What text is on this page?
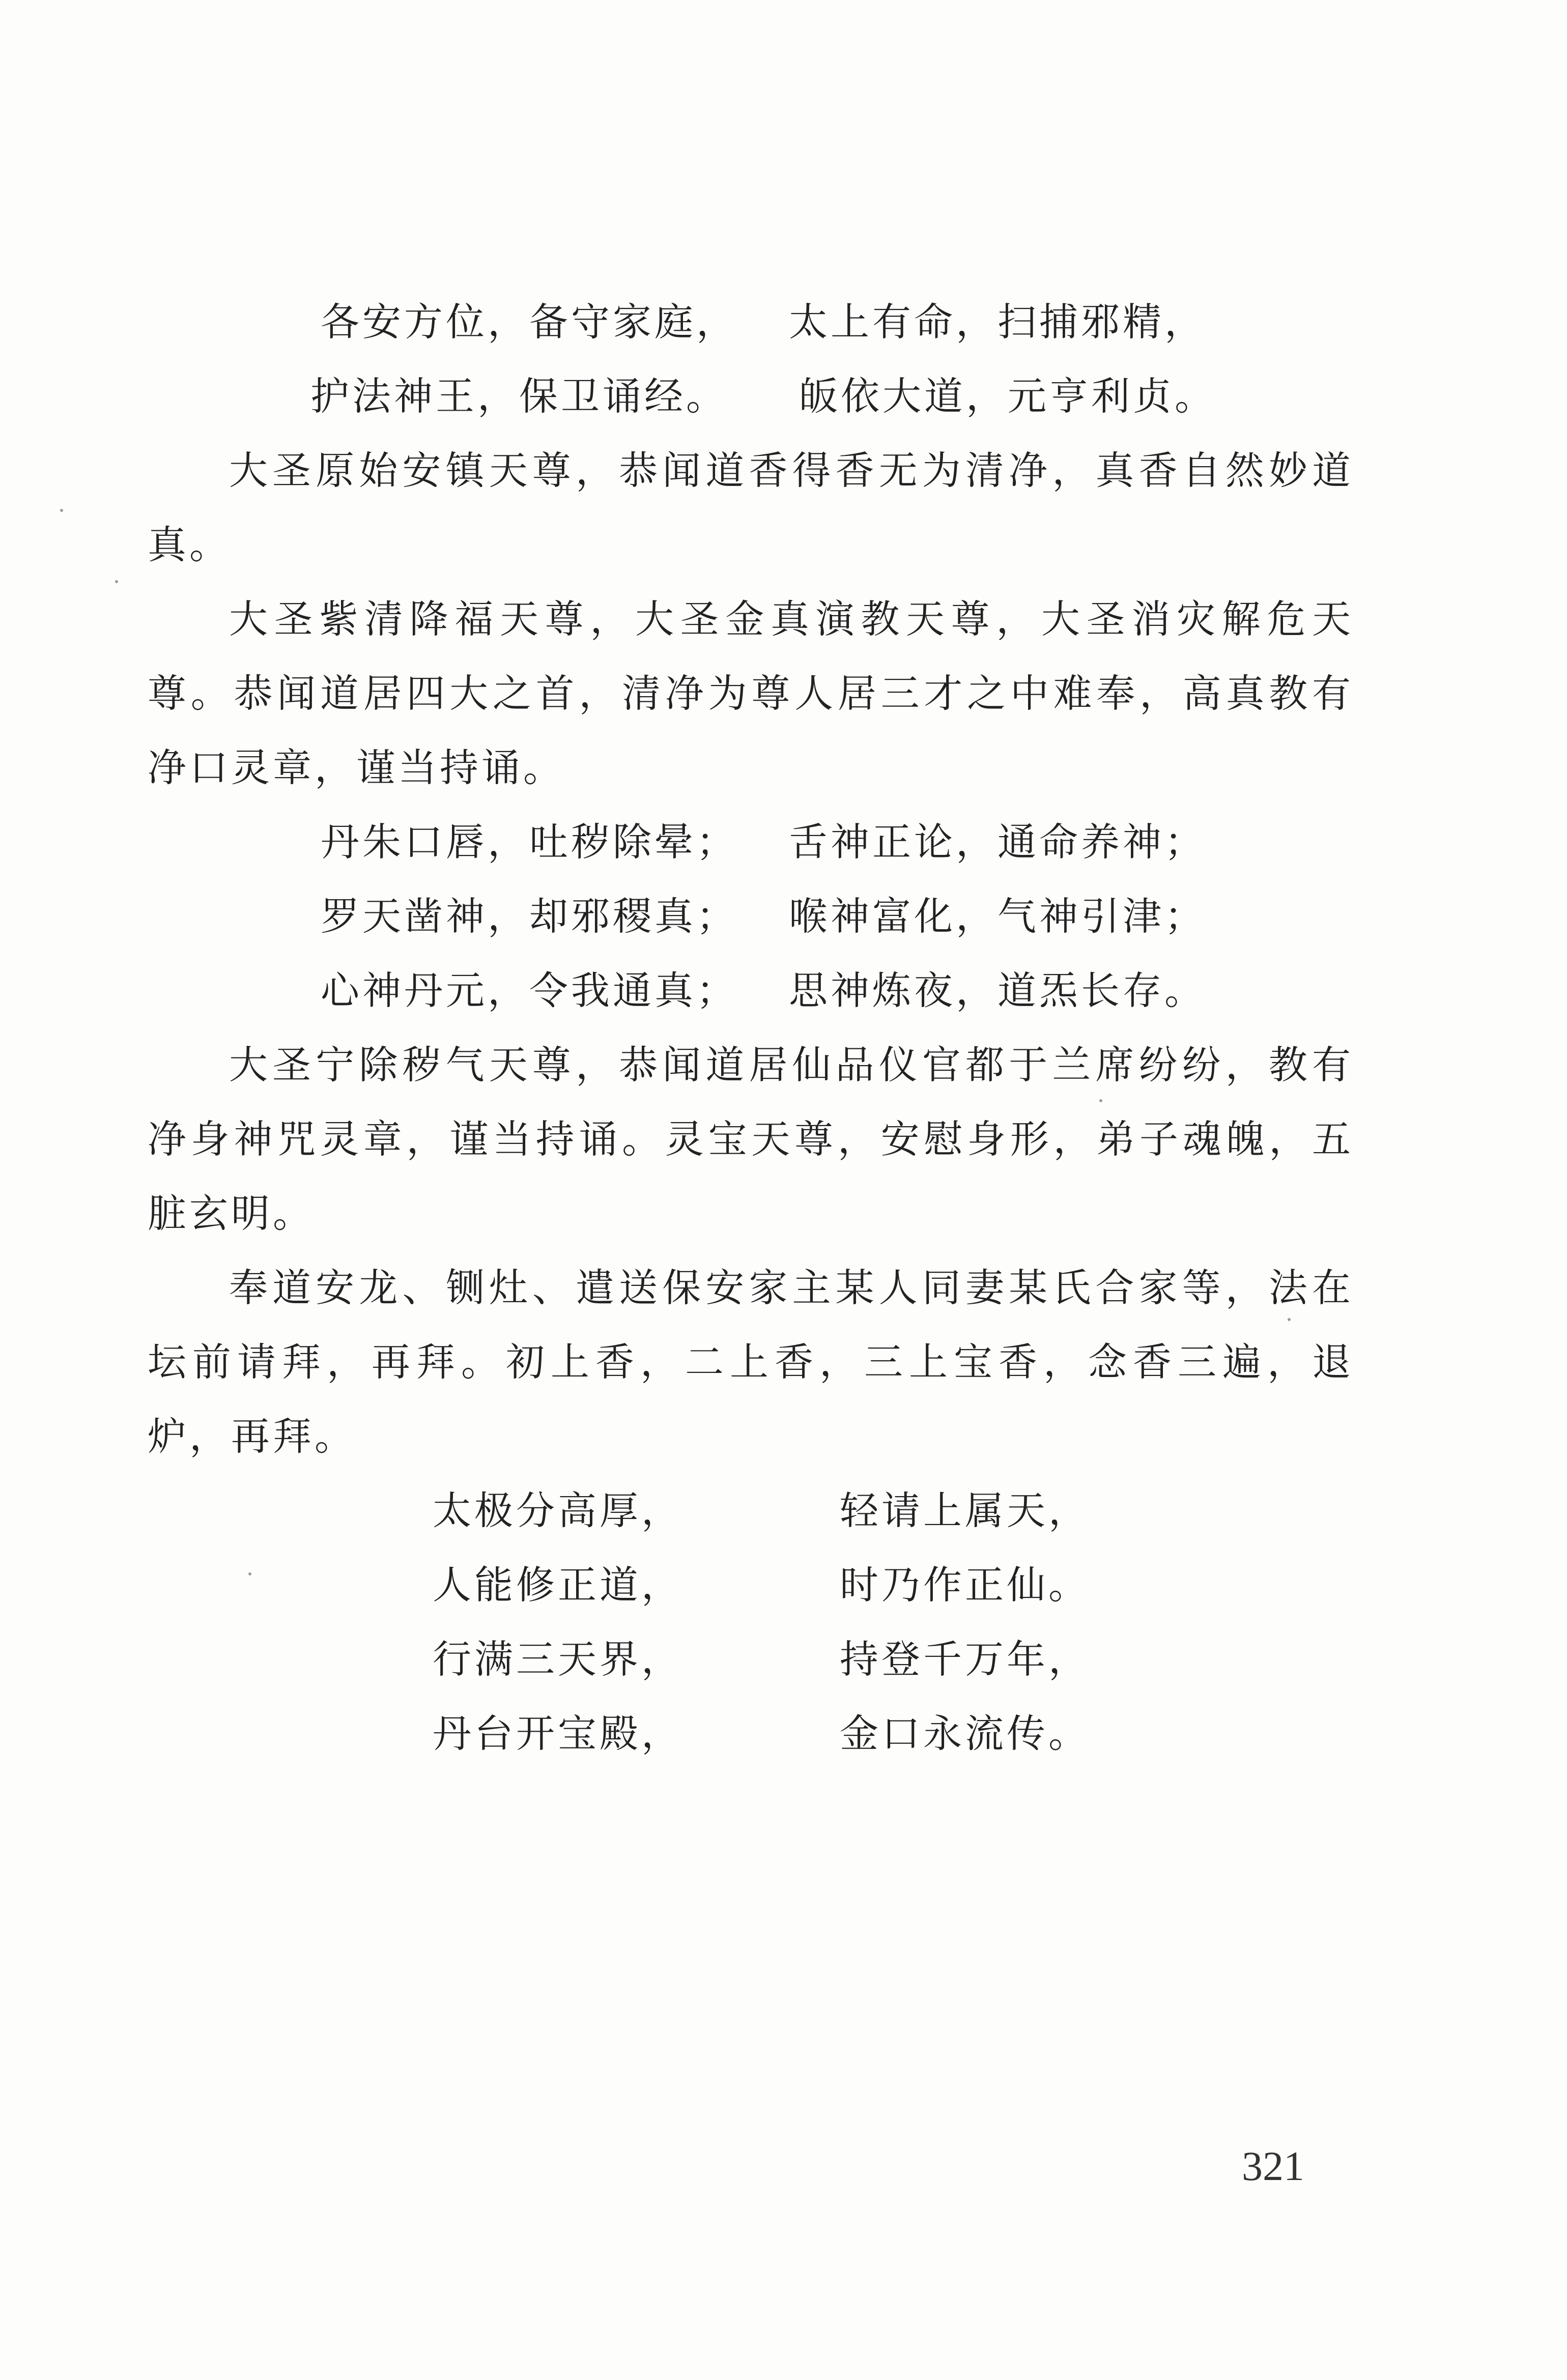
各安方位，备守家庭，	太上有命，扫捕邪精，
护法神王，保卫诵经。	皈依大道，元亨利贞。

大圣原始安镇天尊，恭闻道香得香无为清净，真香自然妙道真。

大圣紫清降福天尊，大圣金真演教天尊，大圣消灾解危天尊。恭闻道居四大之首，清净为尊人居三才之中难奉，高真教有净口灵章，谨当持诵。

丹朱口唇，吐秽除晕；	舌神正论，通命养神；
罗天凿神，却邪稷真；	喉神富化，气神引津；
心神丹元，令我通真；	思神炼夜，道炁长存。

大圣宁除秽气天尊，恭闻道居仙品仪官都于兰席纷纷，教有净身神咒灵章，谨当持诵。灵宝天尊，安慰身形，弟子魂魄，五脏玄明。

奉道安龙、铡灶、遣送保安家主某人同妻某氏合家等，法在坛前请拜，再拜。初上香，二上香，三上宝香，念香三遍，退炉，再拜。

太极分高厚，	轻请上属天，
人能修正道，	时乃作正仙。
行满三天界，	持登千万年，
丹台开宝殿，	金口永流传。
321
